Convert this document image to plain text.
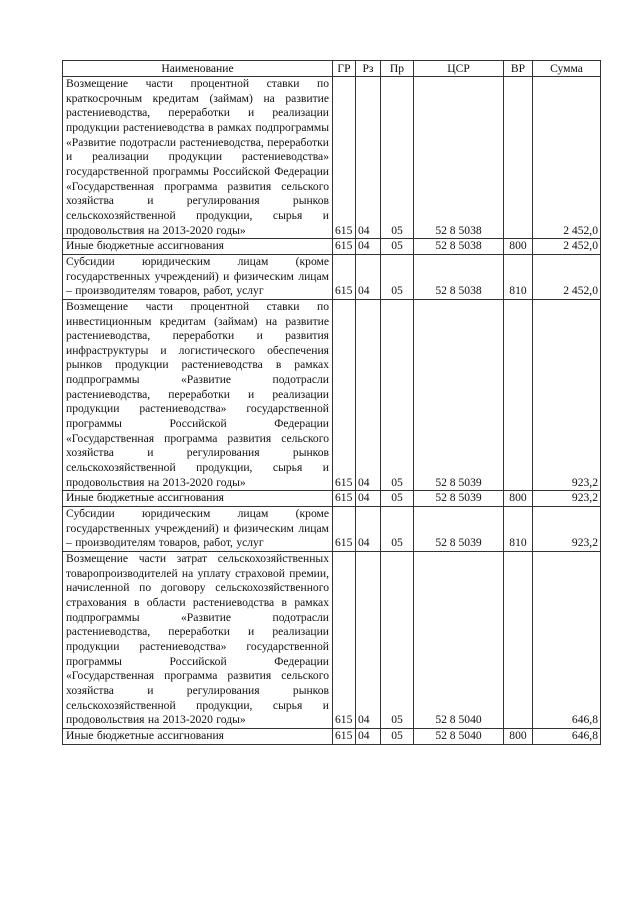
Наименование	ГР	Рз	Пр	ЦСР	ВР	Сумма
Возмещение части процентной ставки по краткосрочным кредитам (займам) на развитие растениеводства, переработки и реализации продукции растениеводства в рамках подпрограммы «Развитие подотрасли растениеводства, переработки и реализации продукции растениеводства» государственной программы Российской Федерации «Государственная программа развития сельского хозяйства и регулирования рынков сельскохозяйственной продукции, сырья и продовольствия на 2013-2020 годы»	615	04	05	52 8 5038		2 452,0
Иные бюджетные ассигнования	615	04	05	52 8 5038	800	2 452,0
Субсидии юридическим лицам (кроме государственных учреждений) и физическим лицам – производителям товаров, работ, услуг	615	04	05	52 8 5038	810	2 452,0
Возмещение части процентной ставки по инвестиционным кредитам (займам) на развитие растениеводства, переработки и развития инфраструктуры и логистического обеспечения рынков продукции растениеводства в рамках подпрограммы «Развитие подотрасли растениеводства, переработки и реализации продукции растениеводства» государственной программы Российской Федерации «Государственная программа развития сельского хозяйства и регулирования рынков сельскохозяйственной продукции, сырья и продовольствия на 2013-2020 годы»	615	04	05	52 8 5039		923,2
Иные бюджетные ассигнования	615	04	05	52 8 5039	800	923,2
Субсидии юридическим лицам (кроме государственных учреждений) и физическим лицам – производителям товаров, работ, услуг	615	04	05	52 8 5039	810	923,2
Возмещение части затрат сельскохозяйственных товаропроизводителей на уплату страховой премии, начисленной по договору сельскохозяйственного страхования в области растениеводства в рамках подпрограммы «Развитие подотрасли растениеводства, переработки и реализации продукции растениеводства» государственной программы Российской Федерации «Государственная программа развития сельского хозяйства и регулирования рынков сельскохозяйственной продукции, сырья и продовольствия на 2013-2020 годы»	615	04	05	52 8 5040		646,8
Иные бюджетные ассигнования	615	04	05	52 8 5040	800	646,8
